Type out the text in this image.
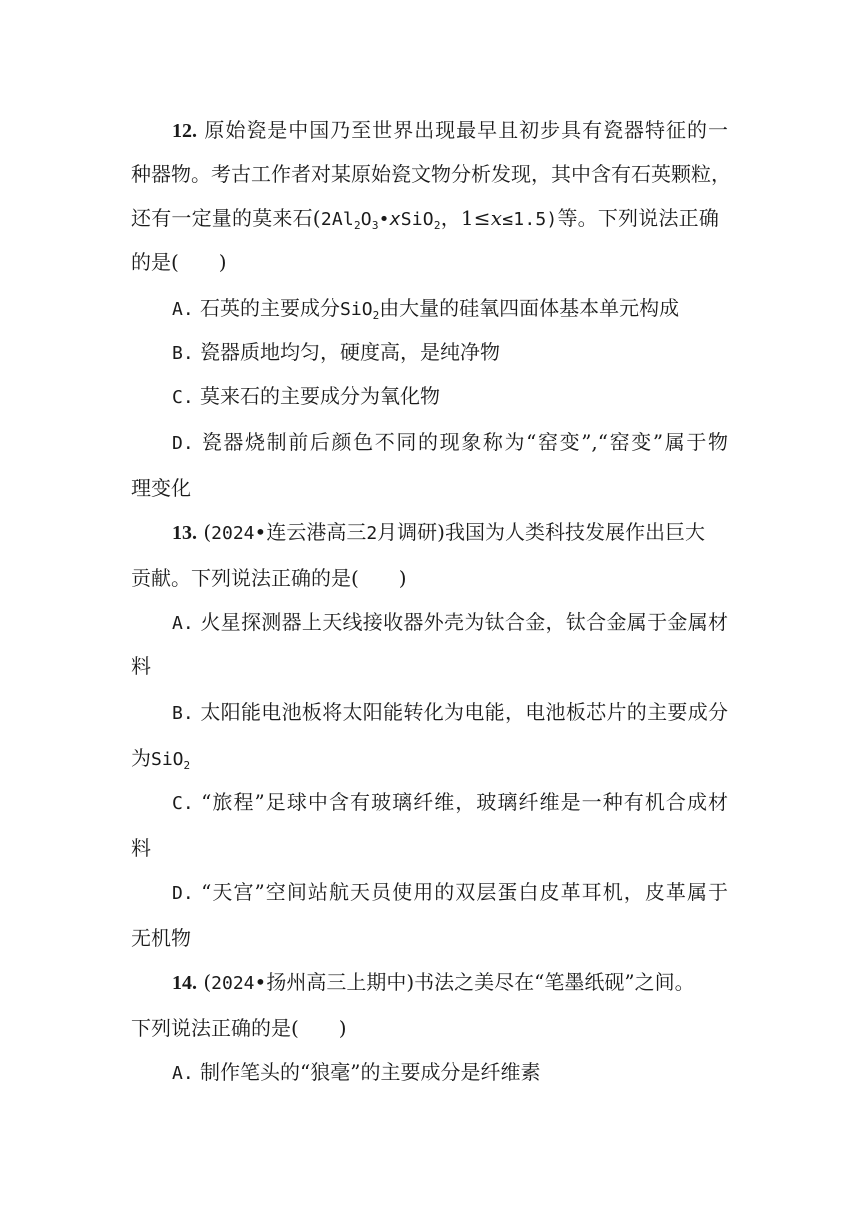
12. 原始瓷是中国乃至世界出现最早且初步具有瓷器特征的一
种器物。考古工作者对某原始瓷文物分析发现，其中含有石英颗粒，
还有一定量的莫来石($2Al_2O_3•xSiO_2$，1≤x≤1.5)等。下列说法正确
的是(　　)
A. 石英的主要成分SiO$_2$由大量的硅氧四面体基本单元构成
B. 瓷器质地均匀，硬度高，是纯净物
C. 莫来石的主要成分为氧化物
D. 瓷器烧制前后颜色不同的现象称为“窑变”,“窑变”属于物
理变化
13. (2024•连云港高三2月调研)我国为人类科技发展作出巨大
贡献。下列说法正确的是(　　)
A. 火星探测器上天线接收器外壳为钛合金，钛合金属于金属材
料
B. 太阳能电池板将太阳能转化为电能，电池板芯片的主要成分
为SiO$_2$
C. “旅程”足球中含有玻璃纤维，玻璃纤维是一种有机合成材
料
D. “天宫”空间站航天员使用的双层蛋白皮革耳机，皮革属于
无机物
14. (2024•扬州高三上期中)书法之美尽在“笔墨纸砚”之间。
下列说法正确的是(　　)
A. 制作笔头的“狼毫”的主要成分是纤维素
